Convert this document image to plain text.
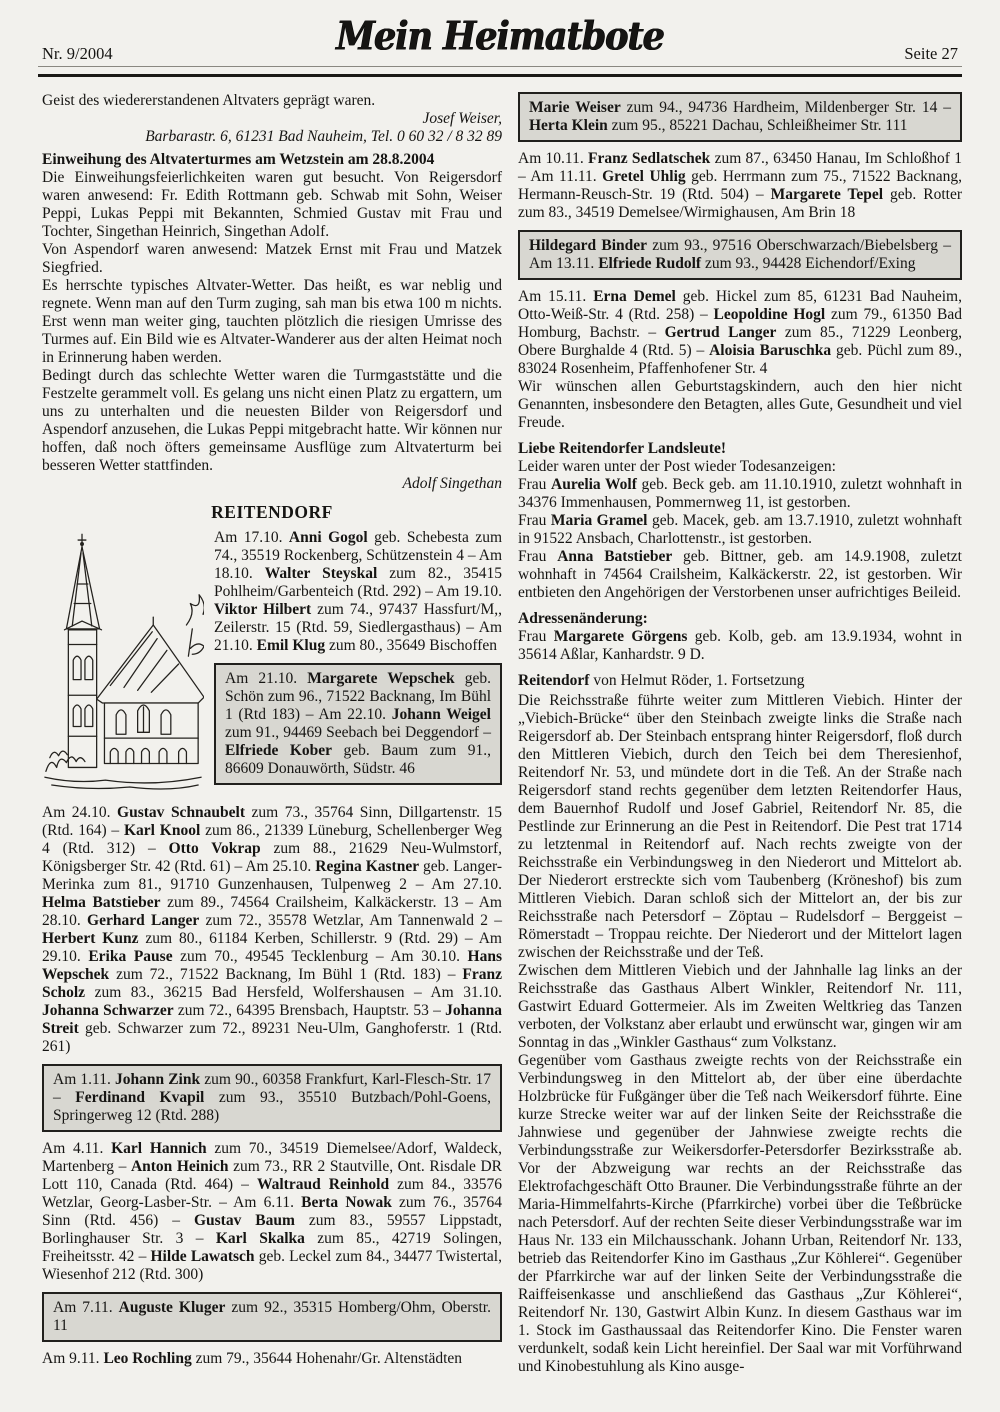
Mein Heimatbote
Nr. 9/2004	Seite 27

Geist des wiedererstandenen Altvaters geprägt waren.

Josef Weiser,

Barbarastr. 6, 61231 Bad Nauheim, Tel. 0 60 32 / 8 32 89

Einweihung des Altvaterturmes am Wetzstein am 28.8.2004

Die Einweihungsfeierlichkeiten waren gut besucht. Von Reigersdorf waren anwesend: Fr. Edith Rottmann geb. Schwab mit Sohn, Weiser Peppi, Lukas Peppi mit Bekannten, Schmied Gustav mit Frau und Tochter, Singethan Heinrich, Singethan Adolf.

Von Aspendorf waren anwesend: Matzek Ernst mit Frau und Matzek Siegfried.

Es herrschte typisches Altvater-Wetter. Das heißt, es war neblig und regnete. Wenn man auf den Turm zuging, sah man bis etwa 100 m nichts. Erst wenn man weiter ging, tauchten plötzlich die riesigen Umrisse des Turmes auf. Ein Bild wie es Altvater-Wanderer aus der alten Heimat noch in Erinnerung haben werden.

Bedingt durch das schlechte Wetter waren die Turmgaststätte und die Festzelte gerammelt voll. Es gelang uns nicht einen Platz zu ergattern, um uns zu unterhalten und die neuesten Bilder von Reigersdorf und Aspendorf anzusehen, die Lukas Peppi mitgebracht hatte. Wir können nur hoffen, daß noch öfters gemeinsame Ausflüge zum Altvaterturm bei besseren Wetter stattfinden.

Adolf Singethan

REITENDORF

Am 17.10. Anni Gogol geb. Schebesta zum 74., 35519 Rockenberg, Schützenstein 4 – Am 18.10. Walter Steyskal zum 82., 35415 Pohlheim/Garbenteich (Rtd. 292) – Am 19.10. Viktor Hilbert zum 74., 97437 Hassfurt/M,, Zeilerstr. 15 (Rtd. 59, Siedlergasthaus) – Am 21.10. Emil Klug zum 80., 35649 Bischoffen

Am 21.10. Margarete Wepschek geb. Schön zum 96., 71522 Backnang, Im Bühl 1 (Rtd 183) – Am 22.10. Johann Weigel zum 91., 94469 Seebach bei Deggendorf – Elfriede Kober geb. Baum zum 91., 86609 Donauwörth, Südstr. 46

Am 24.10. Gustav Schnaubelt zum 73., 35764 Sinn, Dillgartenstr. 15 (Rtd. 164) – Karl Knool zum 86., 21339 Lüneburg, Schellenberger Weg 4 (Rtd. 312) – Otto Vokrap zum 88., 21629 Neu-Wulmstorf, Königsberger Str. 42 (Rtd. 61) – Am 25.10. Regina Kastner geb. Langer-Merinka zum 81., 91710 Gunzenhausen, Tulpenweg 2 – Am 27.10. Helma Batstieber zum 89., 74564 Crailsheim, Kalkäckerstr. 13 – Am 28.10. Gerhard Langer zum 72., 35578 Wetzlar, Am Tannenwald 2 – Herbert Kunz zum 80., 61184 Kerben, Schillerstr. 9 (Rtd. 29) – Am 29.10. Erika Pause zum 70., 49545 Tecklenburg – Am 30.10. Hans Wepschek zum 72., 71522 Backnang, Im Bühl 1 (Rtd. 183) – Franz Scholz zum 83., 36215 Bad Hersfeld, Wolfershausen – Am 31.10. Johanna Schwarzer zum 72., 64395 Brensbach, Hauptstr. 53 – Johanna Streit geb. Schwarzer zum 72., 89231 Neu-Ulm, Ganghoferstr. 1 (Rtd. 261)

Am 1.11. Johann Zink zum 90., 60358 Frankfurt, Karl-Flesch-Str. 17 – Ferdinand Kvapil zum 93., 35510 Butzbach/Pohl-Goens, Springerweg 12 (Rtd. 288)

Am 4.11. Karl Hannich zum 70., 34519 Diemelsee/Adorf, Waldeck, Martenberg – Anton Heinich zum 73., RR 2 Stautville, Ont. Risdale DR Lott 110, Canada (Rtd. 464) – Waltraud Reinhold zum 84., 33576 Wetzlar, Georg-Lasber-Str. – Am 6.11. Berta Nowak zum 76., 35764 Sinn (Rtd. 456) – Gustav Baum zum 83., 59557 Lippstadt, Borlinghauser Str. 3 – Karl Skalka zum 85., 42719 Solingen, Freiheitsstr. 42 – Hilde Lawatsch geb. Leckel zum 84., 34477 Twistertal, Wiesenhof 212 (Rtd. 300)

Am 7.11. Auguste Kluger zum 92., 35315 Homberg/Ohm, Oberstr. 11

Am 9.11. Leo Rochling zum 79., 35644 Hohenahr/Gr. Altenstädten

Marie Weiser zum 94., 94736 Hardheim, Mildenberger Str. 14 – Herta Klein zum 95., 85221 Dachau, Schleißheimer Str. 111

Am 10.11. Franz Sedlatschek zum 87., 63450 Hanau, Im Schloßhof 1 – Am 11.11. Gretel Uhlig geb. Herrmann zum 75., 71522 Backnang, Hermann-Reusch-Str. 19 (Rtd. 504) – Margarete Tepel geb. Rotter zum 83., 34519 Demelsee/Wirmighausen, Am Brin 18

Hildegard Binder zum 93., 97516 Oberschwarzach/Biebelsberg – Am 13.11. Elfriede Rudolf zum 93., 94428 Eichendorf/Exing

Am 15.11. Erna Demel geb. Hickel zum 85, 61231 Bad Nauheim, Otto-Weiß-Str. 4 (Rtd. 258) – Leopoldine Hogl zum 79., 61350 Bad Homburg, Bachstr. – Gertrud Langer zum 85., 71229 Leonberg, Obere Burghalde 4 (Rtd. 5) – Aloisia Baruschka geb. Püchl zum 89., 83024 Rosenheim, Pfaffenhofener Str. 4

Wir wünschen allen Geburtstagskindern, auch den hier nicht Genannten, insbesondere den Betagten, alles Gute, Gesundheit und viel Freude.

Liebe Reitendorfer Landsleute!

Leider waren unter der Post wieder Todesanzeigen:

Frau Aurelia Wolf geb. Beck geb. am 11.10.1910, zuletzt wohnhaft in 34376 Immenhausen, Pommernweg 11, ist gestorben.

Frau Maria Gramel geb. Macek, geb. am 13.7.1910, zuletzt wohnhaft in 91522 Ansbach, Charlottenstr., ist gestorben.

Frau Anna Batstieber geb. Bittner, geb. am 14.9.1908, zuletzt wohnhaft in 74564 Crailsheim, Kalkäckerstr. 22, ist gestorben. Wir entbieten den Angehörigen der Verstorbenen unser aufrichtiges Beileid.

Adressenänderung:

Frau Margarete Görgens geb. Kolb, geb. am 13.9.1934, wohnt in 35614 Aßlar, Kanhardstr. 9 D.

Reitendorf von Helmut Röder, 1. Fortsetzung

Die Reichsstraße führte weiter zum Mittleren Viebich. Hinter der „Viebich-Brücke“ über den Steinbach zweigte links die Straße nach Reigersdorf ab. Der Steinbach entsprang hinter Reigersdorf, floß durch den Mittleren Viebich, durch den Teich bei dem Theresienhof, Reitendorf Nr. 53, und mündete dort in die Teß. An der Straße nach Reigersdorf stand rechts gegenüber dem letzten Reitendorfer Haus, dem Bauernhof Rudolf und Josef Gabriel, Reitendorf Nr. 85, die Pestlinde zur Erinnerung an die Pest in Reitendorf. Die Pest trat 1714 zu letztenmal in Reitendorf auf. Nach rechts zweigte von der Reichsstraße ein Verbindungsweg in den Niederort und Mittelort ab. Der Niederort erstreckte sich vom Taubenberg (Kröneshof) bis zum Mittleren Viebich. Daran schloß sich der Mittelort an, der bis zur Reichsstraße nach Petersdorf – Zöptau – Rudelsdorf – Berggeist – Römerstadt – Troppau reichte. Der Niederort und der Mittelort lagen zwischen der Reichsstraße und der Teß.

Zwischen dem Mittleren Viebich und der Jahnhalle lag links an der Reichsstraße das Gasthaus Albert Winkler, Reitendorf Nr. 111, Gastwirt Eduard Gottermeier. Als im Zweiten Weltkrieg das Tanzen verboten, der Volkstanz aber erlaubt und erwünscht war, gingen wir am Sonntag in das „Winkler Gasthaus“ zum Volkstanz.

Gegenüber vom Gasthaus zweigte rechts von der Reichsstraße ein Verbindungsweg in den Mittelort ab, der über eine überdachte Holzbrücke für Fußgänger über die Teß nach Weikersdorf führte. Eine kurze Strecke weiter war auf der linken Seite der Reichsstraße die Jahnwiese und gegenüber der Jahnwiese zweigte rechts die Verbindungsstraße zur Weikersdorfer-Petersdorfer Bezirksstraße ab. Vor der Abzweigung war rechts an der Reichsstraße das Elektrofachgeschäft Otto Brauner. Die Verbindungsstraße führte an der Maria-Himmelfahrts-Kirche (Pfarrkirche) vorbei über die Teßbrücke nach Petersdorf. Auf der rechten Seite dieser Verbindungsstraße war im Haus Nr. 133 ein Milchausschank. Johann Urban, Reitendorf Nr. 133, betrieb das Reitendorfer Kino im Gasthaus „Zur Köhlerei“. Gegenüber der Pfarrkirche war auf der linken Seite der Verbindungsstraße die Raiffeisenkasse und anschließend das Gasthaus „Zur Köhlerei“, Reitendorf Nr. 130, Gastwirt Albin Kunz. In diesem Gasthaus war im 1. Stock im Gasthaussaal das Reitendorfer Kino. Die Fenster waren verdunkelt, sodaß kein Licht hereinfiel. Der Saal war mit Vorführwand und Kinobestuhlung als Kino ausge-
